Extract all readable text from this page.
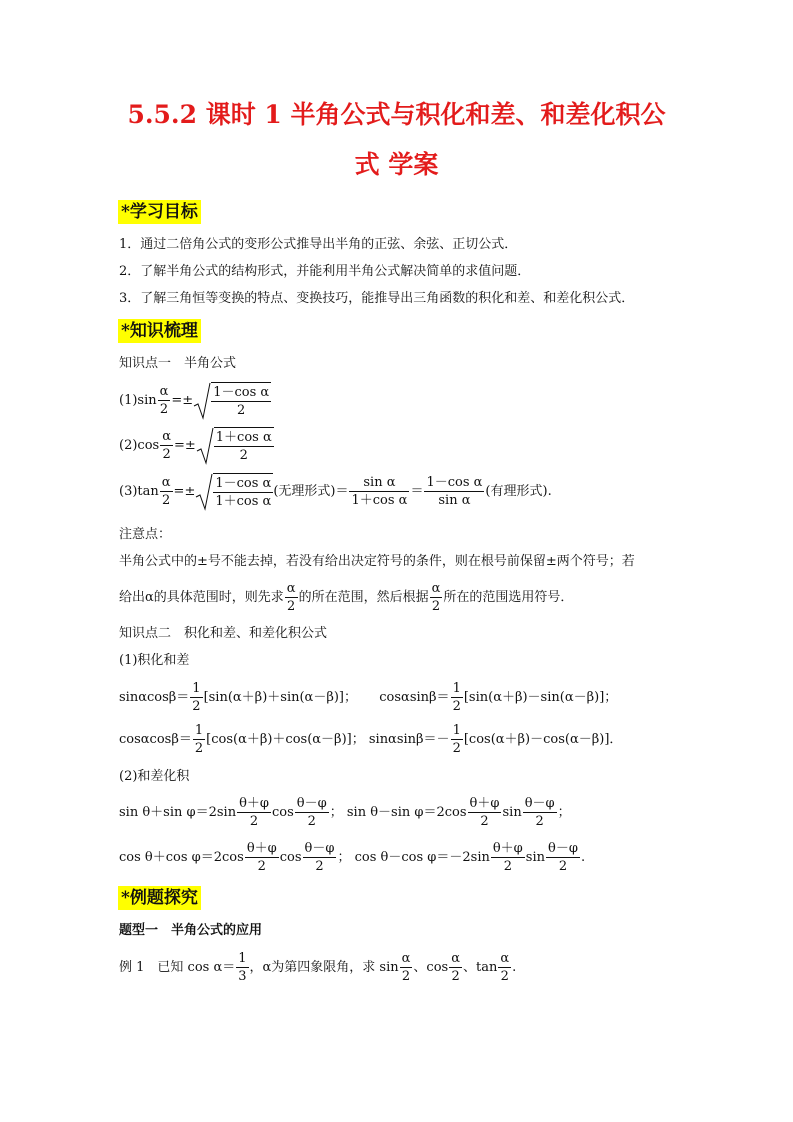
5.5.2 课时 1 半角公式与积化和差、和差化积公
式 学案
*学习目标
1．通过二倍角公式的变形公式推导出半角的正弦、余弦、正切公式．
2．了解半角公式的结构形式，并能利用半角公式解决简单的求值问题．
3．了解三角恒等变换的特点、变换技巧，能推导出三角函数的积化和差、和差化积公式．
*知识梳理
知识点一　半角公式
$(1)\sin \frac{\alpha}{2} =\pm \frac{\text{1－cos α}}{2}$
$(2)\cos \frac{\alpha}{2} =\pm \frac{\text{1＋cos α}}{2}$
$(3)\tan \frac{\alpha}{2} =\pm \frac{\text{1－cos α}}{\text{1＋cos α}}$ (无理形式)＝ $\frac{\text{sin α}}{\text{1＋cos α}} = \frac{\text{1－cos α}}{\text{sin α}}$ (有理形式).
注意点：
半角公式中的±号不能去掉，若没有给出决定符号的条件，则在根号前保留±两个符号；若
给出α的具体范围时，则先求 $\frac{\alpha}{2}$ 的所在范围，然后根据 $\frac{\alpha}{2}$ 所在的范围选用符号．
知识点二　积化和差、和差化积公式
(1)积化和差
$\sin\alpha\cos\beta= \frac{1}{2} [\sin(\alpha+\beta)+\sin(\alpha-\beta)]$； $\cos\alpha\sin\beta= \frac{1}{2} [\sin(\alpha+\beta)-\sin(\alpha-\beta)]$；
$\cos\alpha\cos\beta= \frac{1}{2} [\cos(\alpha+\beta)+\cos(\alpha-\beta)]$； $\sin\alpha\sin\beta=- \frac{1}{2} [\cos(\alpha+\beta)-\cos(\alpha-\beta)]$．
(2)和差化积
sin θ＋sin $\varphi=2\sin \frac{\theta+\varphi}{2}$ $\cos \frac{\theta-\varphi}{2}$ ； sin θ－sin $\varphi=2\cos \frac{\theta+\varphi}{2}$ $\sin \frac{\theta-\varphi}{2}$ ；
cos θ＋cos $\varphi=2\cos \frac{\theta+\varphi}{2}$ $\cos \frac{\theta-\varphi}{2}$ ； cos θ－cos $\varphi=-2\sin \frac{\theta+\varphi}{2}$ $\sin \frac{\theta-\varphi}{2}$ .
*例题探究
题型一　半角公式的应用
例 1　已知 $\cos \alpha= \frac{1}{3}$ ，α为第四象限角，求 $\sin \frac{\alpha}{2}$ 、$\cos \frac{\alpha}{2}$ 、$\tan \frac{\alpha}{2}$ .
